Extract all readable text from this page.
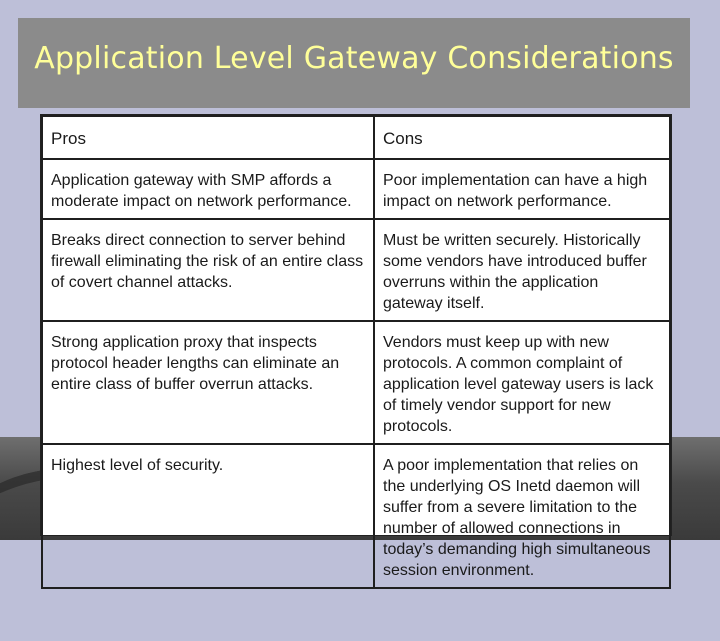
Application Level Gateway Considerations
Pros	Cons
Application gateway with SMP affords a moderate impact on network performance.	Poor implementation can have a high impact on network performance.
Breaks direct connection to server behind firewall eliminating the risk of an entire class of covert channel attacks.	Must be written securely. Historically some vendors have introduced buffer overruns within the application gateway itself.
Strong application proxy that inspects protocol header lengths can eliminate an entire class of buffer overrun attacks.	Vendors must keep up with new protocols. A common complaint of application level gateway users is lack of timely vendor support for new protocols.
Highest level of security.	A poor implementation that relies on the underlying OS Inetd daemon will suffer from a severe limitation to the number of allowed connections in today’s demanding high simultaneous session environment.
